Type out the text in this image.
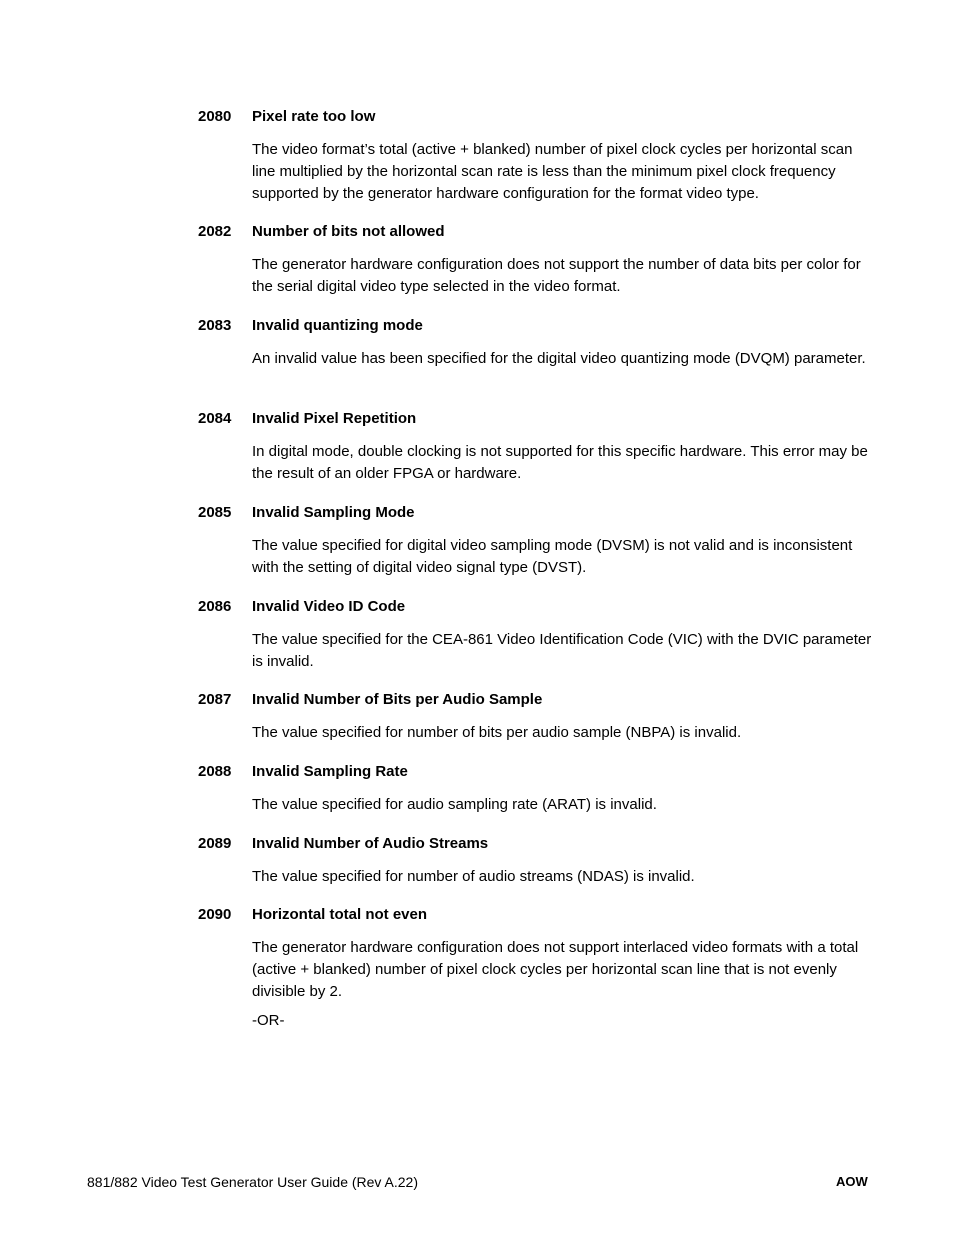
2080 Pixel rate too low

The video format’s total (active + blanked) number of pixel clock cycles per horizontal scan line multiplied by the horizontal scan rate is less than the minimum pixel clock frequency supported by the generator hardware configuration for the format video type.

2082 Number of bits not allowed

The generator hardware configuration does not support the number of data bits per color for the serial digital video type selected in the video format.

2083 Invalid quantizing mode

An invalid value has been specified for the digital video quantizing mode (DVQM) parameter.

2084 Invalid Pixel Repetition

In digital mode, double clocking is not supported for this specific hardware. This error may be the result of an older FPGA or hardware.

2085 Invalid Sampling Mode

The value specified for digital video sampling mode (DVSM) is not valid and is inconsistent with the setting of digital video signal type (DVST).

2086 Invalid Video ID Code

The value specified for the CEA-861 Video Identification Code (VIC) with the DVIC parameter is invalid.

2087 Invalid Number of Bits per Audio Sample

The value specified for number of bits per audio sample (NBPA) is invalid.

2088 Invalid Sampling Rate

The value specified for audio sampling rate (ARAT) is invalid.

2089 Invalid Number of Audio Streams

The value specified for number of audio streams (NDAS) is invalid.

2090 Horizontal total not even

The generator hardware configuration does not support interlaced video formats with a total (active + blanked) number of pixel clock cycles per horizontal scan line that is not evenly divisible by 2.

-OR-
881/882 Video Test Generator User Guide (Rev A.22)	AOW
